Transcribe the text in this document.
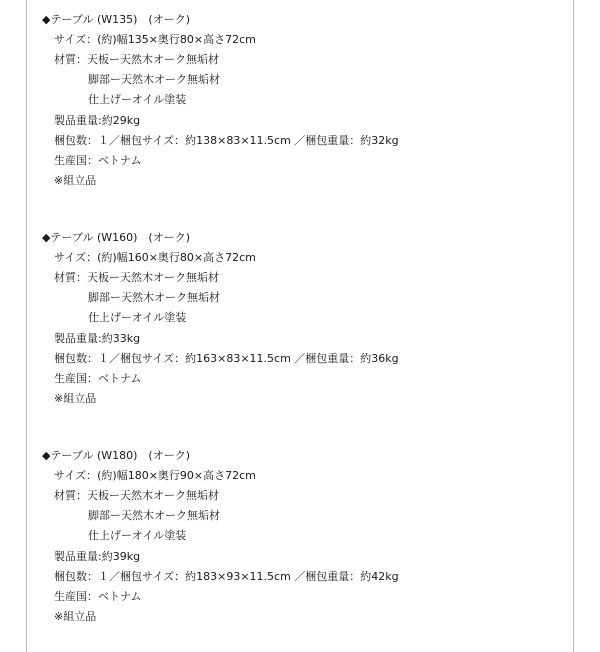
◆テーブル (W135)　(オーク)
サイズ：(約)幅135×奥行80×高さ72cm
材質：天板ー天然木オーク無垢材
脚部ー天然木オーク無垢材
仕上げーオイル塗装
製品重量:約29kg
梱包数：１／梱包サイズ：約138×83×11.5cm ／梱包重量：約32kg
生産国：ベトナム
※組立品
◆テーブル (W160)　(オーク)
サイズ：(約)幅160×奥行80×高さ72cm
材質：天板ー天然木オーク無垢材
脚部ー天然木オーク無垢材
仕上げーオイル塗装
製品重量:約33kg
梱包数：１／梱包サイズ：約163×83×11.5cm ／梱包重量：約36kg
生産国：ベトナム
※組立品
◆テーブル (W180)　(オーク)
サイズ：(約)幅180×奥行90×高さ72cm
材質：天板ー天然木オーク無垢材
脚部ー天然木オーク無垢材
仕上げーオイル塗装
製品重量:約39kg
梱包数：１／梱包サイズ：約183×93×11.5cm ／梱包重量：約42kg
生産国：ベトナム
※組立品
